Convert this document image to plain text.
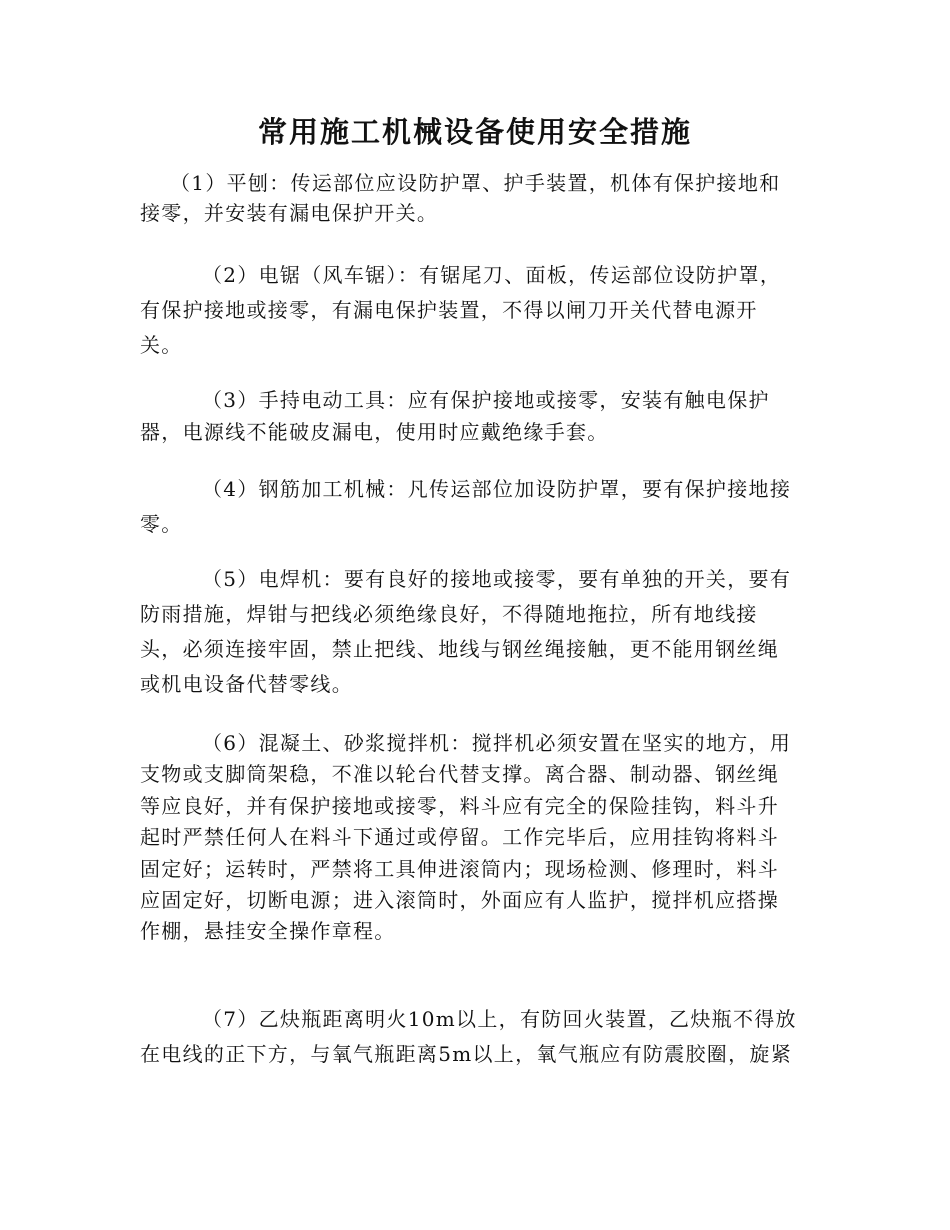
常用施工机械设备使用安全措施
（1）平刨：传运部位应设防护罩、护手装置，机体有保护接地和
接零，并安装有漏电保护开关。
（2）电锯（风车锯）：有锯尾刀、面板，传运部位设防护罩，
有保护接地或接零，有漏电保护装置，不得以闸刀开关代替电源开
关。
（3）手持电动工具：应有保护接地或接零，安装有触电保护
器，电源线不能破皮漏电，使用时应戴绝缘手套。
（4）钢筋加工机械：凡传运部位加设防护罩，要有保护接地接
零。
（5）电焊机：要有良好的接地或接零，要有单独的开关，要有
防雨措施，焊钳与把线必须绝缘良好，不得随地拖拉，所有地线接
头，必须连接牢固，禁止把线、地线与钢丝绳接触，更不能用钢丝绳
或机电设备代替零线。
（6）混凝土、砂浆搅拌机：搅拌机必须安置在坚实的地方，用
支物或支脚筒架稳，不准以轮台代替支撑。离合器、制动器、钢丝绳
等应良好，并有保护接地或接零，料斗应有完全的保险挂钩，料斗升
起时严禁任何人在料斗下通过或停留。工作完毕后，应用挂钩将料斗
固定好；运转时，严禁将工具伸进滚筒内；现场检测、修理时，料斗
应固定好，切断电源；进入滚筒时，外面应有人监护，搅拌机应搭操
作棚，悬挂安全操作章程。
（7）乙炔瓶距离明火10m以上，有防回火装置，乙炔瓶不得放
在电线的正下方，与氧气瓶距离5m以上，氧气瓶应有防震胶圈，旋紧
